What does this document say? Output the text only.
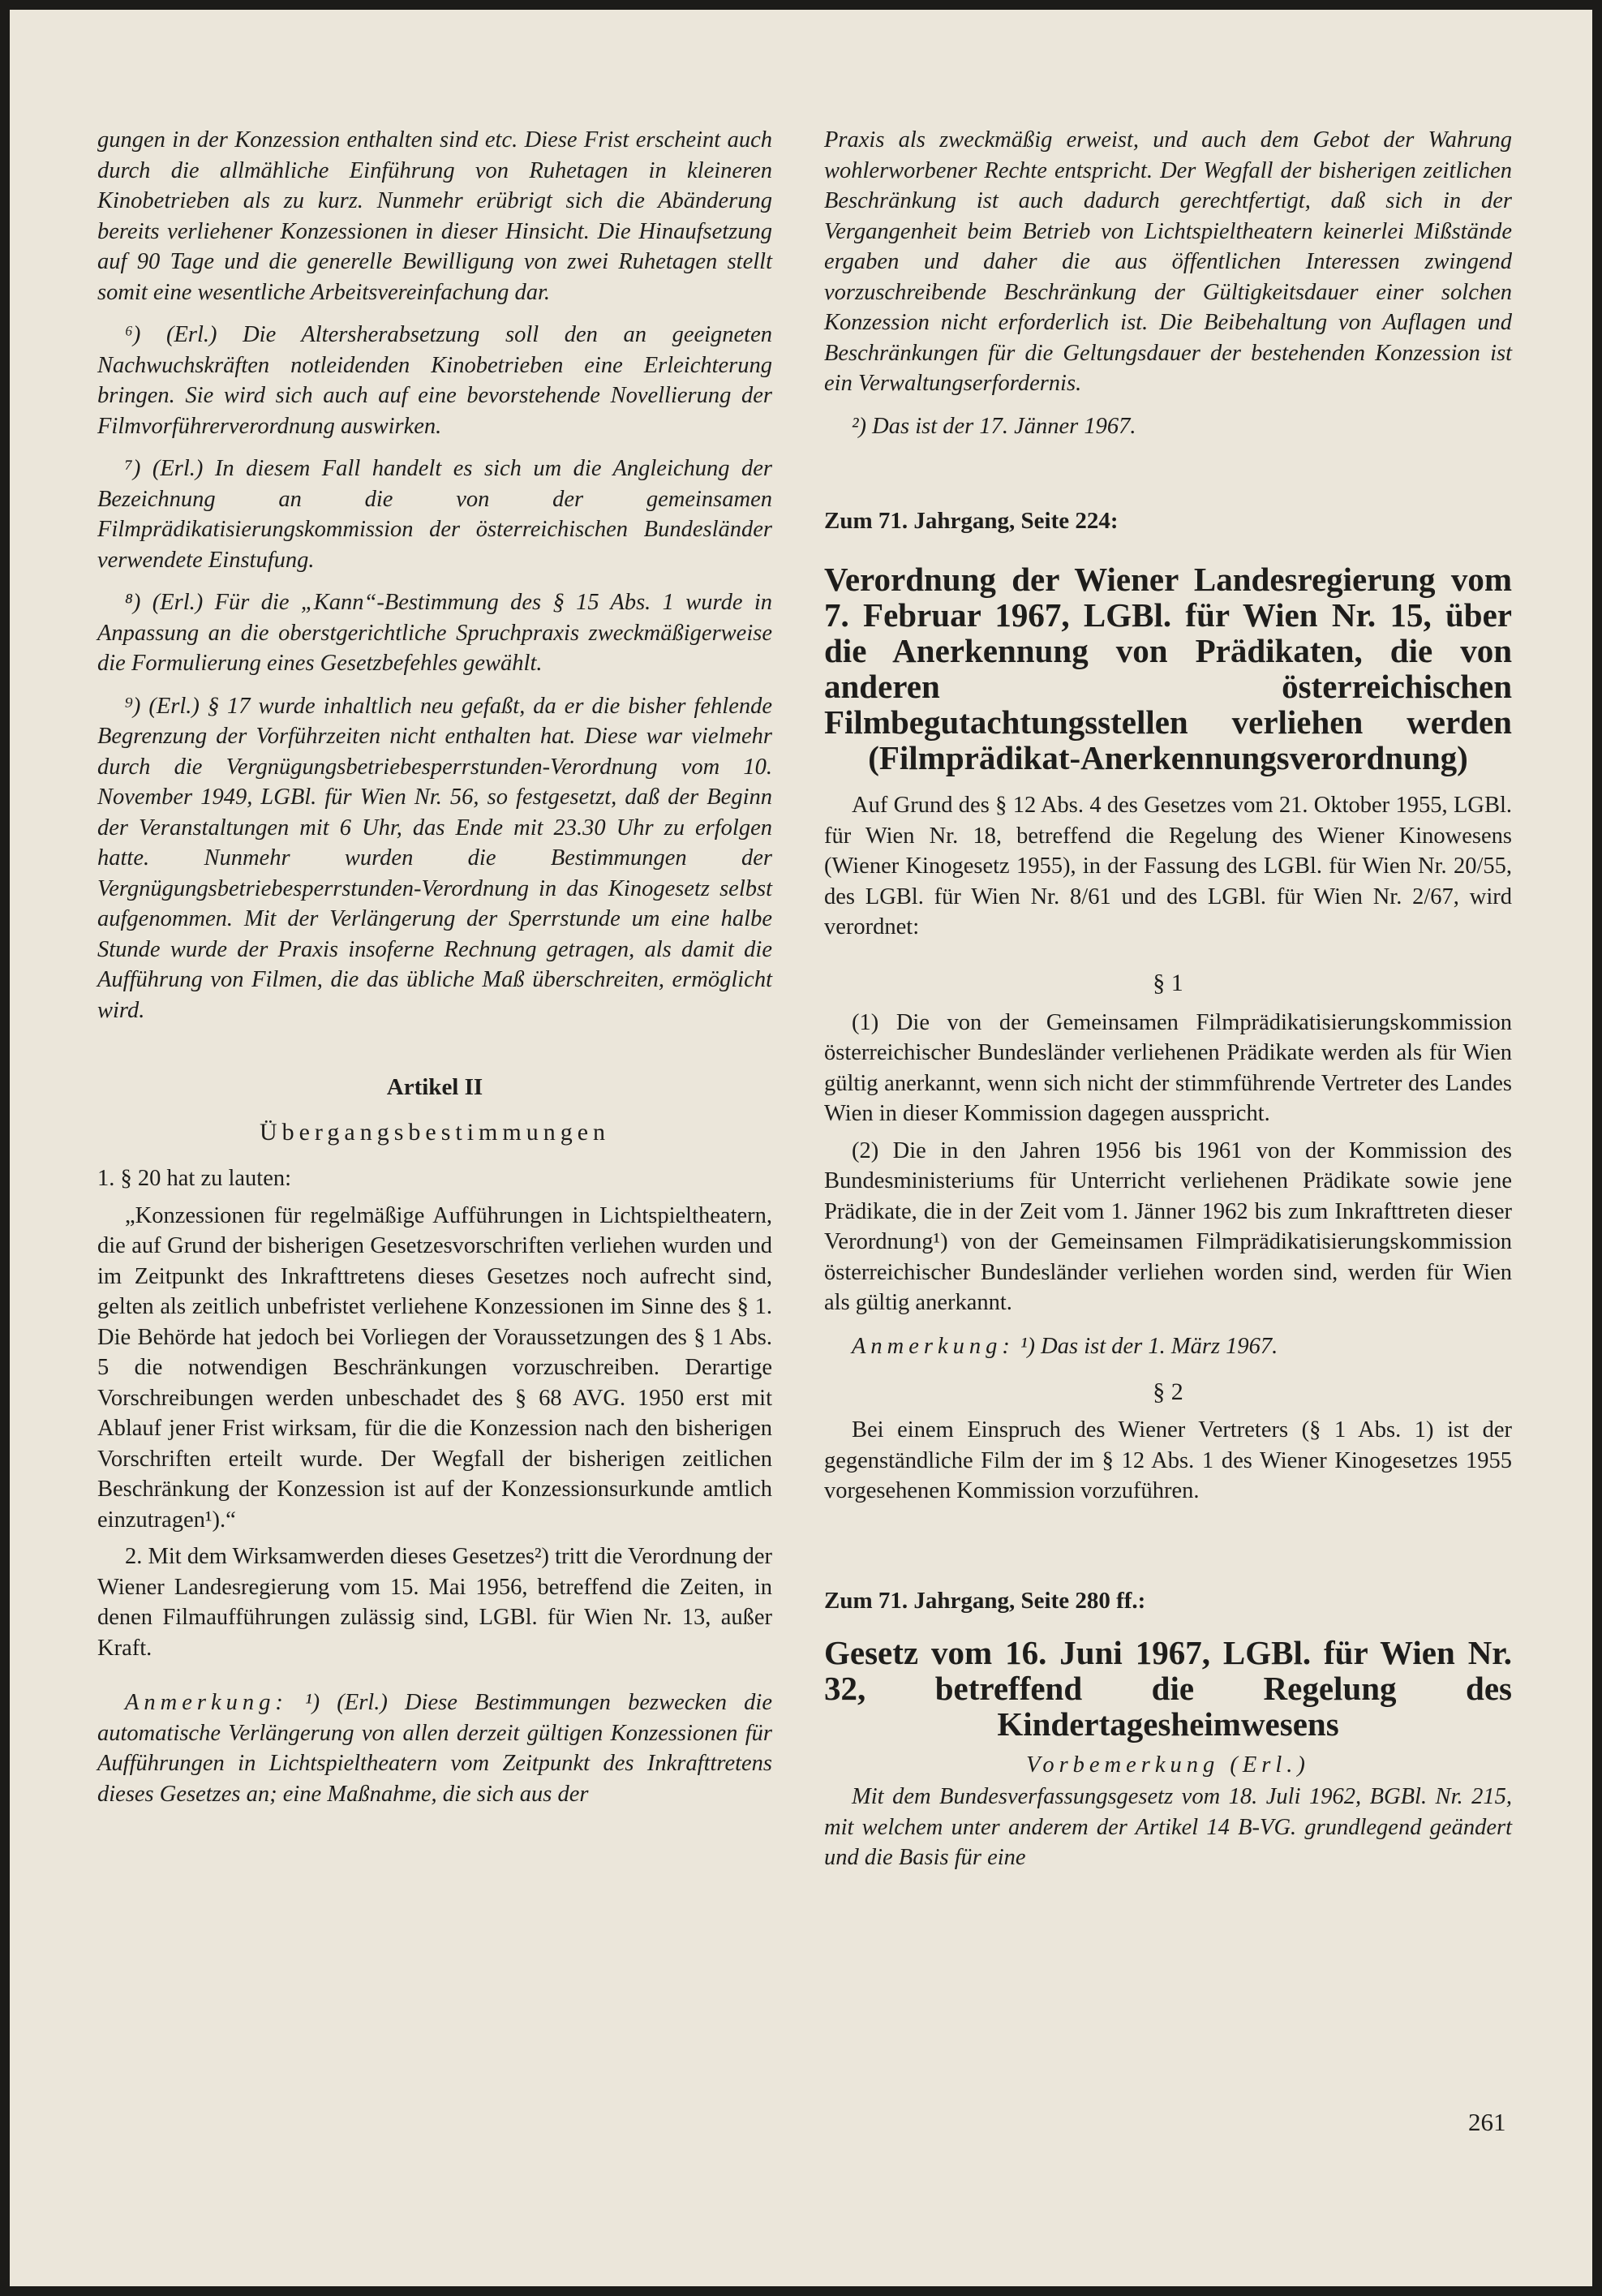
gungen in der Konzession enthalten sind etc. Diese Frist erscheint auch durch die allmähliche Einführung von Ruhetagen in kleineren Kinobetrieben als zu kurz. Nunmehr erübrigt sich die Abänderung bereits verliehener Konzessionen in dieser Hinsicht. Die Hinaufsetzung auf 90 Tage und die generelle Bewilligung von zwei Ruhetagen stellt somit eine wesentliche Arbeitsvereinfachung dar.

⁶) (Erl.) Die Altersherabsetzung soll den an geeigneten Nachwuchskräften notleidenden Kinobetrieben eine Erleichterung bringen. Sie wird sich auch auf eine bevorstehende Novellierung der Filmvorführerverordnung auswirken.

⁷) (Erl.) In diesem Fall handelt es sich um die Angleichung der Bezeichnung an die von der gemeinsamen Filmprädikatisierungskommission der österreichischen Bundesländer verwendete Einstufung.

⁸) (Erl.) Für die „Kann“-Bestimmung des § 15 Abs. 1 wurde in Anpassung an die oberstgerichtliche Spruchpraxis zweckmäßigerweise die Formulierung eines Gesetzbefehles gewählt.

⁹) (Erl.) § 17 wurde inhaltlich neu gefaßt, da er die bisher fehlende Begrenzung der Vorführzeiten nicht enthalten hat. Diese war vielmehr durch die Vergnügungsbetriebesperrstunden-Verordnung vom 10. November 1949, LGBl. für Wien Nr. 56, so festgesetzt, daß der Beginn der Veranstaltungen mit 6 Uhr, das Ende mit 23.30 Uhr zu erfolgen hatte. Nunmehr wurden die Bestimmungen der Vergnügungsbetriebesperrstunden-Verordnung in das Kinogesetz selbst aufgenommen. Mit der Verlängerung der Sperrstunde um eine halbe Stunde wurde der Praxis insoferne Rechnung getragen, als damit die Aufführung von Filmen, die das übliche Maß überschreiten, ermöglicht wird.

Artikel II

Übergangsbestimmungen

1. § 20 hat zu lauten:

„Konzessionen für regelmäßige Aufführungen in Lichtspieltheatern, die auf Grund der bisherigen Gesetzesvorschriften verliehen wurden und im Zeitpunkt des Inkrafttretens dieses Gesetzes noch aufrecht sind, gelten als zeitlich unbefristet verliehene Konzessionen im Sinne des § 1. Die Behörde hat jedoch bei Vorliegen der Voraussetzungen des § 1 Abs. 5 die notwendigen Beschränkungen vorzuschreiben. Derartige Vorschreibungen werden unbeschadet des § 68 AVG. 1950 erst mit Ablauf jener Frist wirksam, für die die Konzession nach den bisherigen Vorschriften erteilt wurde. Der Wegfall der bisherigen zeitlichen Beschränkung der Konzession ist auf der Konzessionsurkunde amtlich einzutragen¹).“

2. Mit dem Wirksamwerden dieses Gesetzes²) tritt die Verordnung der Wiener Landesregierung vom 15. Mai 1956, betreffend die Zeiten, in denen Filmaufführungen zulässig sind, LGBl. für Wien Nr. 13, außer Kraft.

Anmerkung: ¹) (Erl.) Diese Bestimmungen bezwecken die automatische Verlängerung von allen derzeit gültigen Konzessionen für Aufführungen in Lichtspieltheatern vom Zeitpunkt des Inkrafttretens dieses Gesetzes an; eine Maßnahme, die sich aus der

Praxis als zweckmäßig erweist, und auch dem Gebot der Wahrung wohlerworbener Rechte entspricht. Der Wegfall der bisherigen zeitlichen Beschränkung ist auch dadurch gerechtfertigt, daß sich in der Vergangenheit beim Betrieb von Lichtspieltheatern keinerlei Mißstände ergaben und daher die aus öffentlichen Interessen zwingend vorzuschreibende Beschränkung der Gültigkeitsdauer einer solchen Konzession nicht erforderlich ist. Die Beibehaltung von Auflagen und Beschränkungen für die Geltungsdauer der bestehenden Konzession ist ein Verwaltungserfordernis.

²) Das ist der 17. Jänner 1967.

Zum 71. Jahrgang, Seite 224:

Verordnung der Wiener Landesregierung vom 7. Februar 1967, LGBl. für Wien Nr. 15, über die Anerkennung von Prädikaten, die von anderen österreichischen Filmbegutachtungsstellen verliehen werden (Filmprädikat-Anerkennungsverordnung)

Auf Grund des § 12 Abs. 4 des Gesetzes vom 21. Oktober 1955, LGBl. für Wien Nr. 18, betreffend die Regelung des Wiener Kinowesens (Wiener Kinogesetz 1955), in der Fassung des LGBl. für Wien Nr. 20/55, des LGBl. für Wien Nr. 8/61 und des LGBl. für Wien Nr. 2/67, wird verordnet:

§ 1

(1) Die von der Gemeinsamen Filmprädikatisierungskommission österreichischer Bundesländer verliehenen Prädikate werden als für Wien gültig anerkannt, wenn sich nicht der stimmführende Vertreter des Landes Wien in dieser Kommission dagegen ausspricht.

(2) Die in den Jahren 1956 bis 1961 von der Kommission des Bundesministeriums für Unterricht verliehenen Prädikate sowie jene Prädikate, die in der Zeit vom 1. Jänner 1962 bis zum Inkrafttreten dieser Verordnung¹) von der Gemeinsamen Filmprädikatisierungskommission österreichischer Bundesländer verliehen worden sind, werden für Wien als gültig anerkannt.

Anmerkung: ¹) Das ist der 1. März 1967.

§ 2

Bei einem Einspruch des Wiener Vertreters (§ 1 Abs. 1) ist der gegenständliche Film der im § 12 Abs. 1 des Wiener Kinogesetzes 1955 vorgesehenen Kommission vorzuführen.

Zum 71. Jahrgang, Seite 280 ff.:

Gesetz vom 16. Juni 1967, LGBl. für Wien Nr. 32, betreffend die Regelung des Kindertagesheimwesens

Vorbemerkung (Erl.)

Mit dem Bundesverfassungsgesetz vom 18. Juli 1962, BGBl. Nr. 215, mit welchem unter anderem der Artikel 14 B-VG. grundlegend geändert und die Basis für eine

261
